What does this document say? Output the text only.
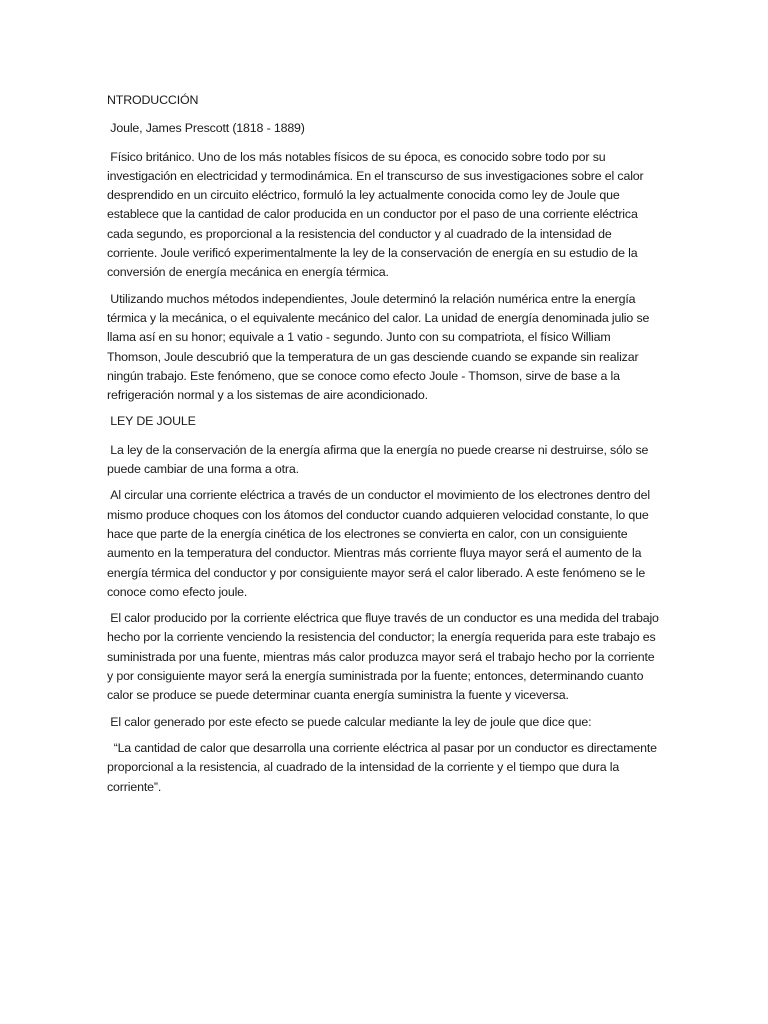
NTRODUCCIÓN

Joule, James Prescott (1818 - 1889)

Físico británico. Uno de los más notables físicos de su época, es conocido sobre todo por su investigación en electricidad y termodinámica. En el transcurso de sus investigaciones sobre el calor desprendido en un circuito eléctrico, formuló la ley actualmente conocida como ley de Joule que establece que la cantidad de calor producida en un conductor por el paso de una corriente eléctrica cada segundo, es proporcional a la resistencia del conductor y al cuadrado de la intensidad de corriente. Joule verificó experimentalmente la ley de la conservación de energía en su estudio de la conversión de energía mecánica en energía térmica.

Utilizando muchos métodos independientes, Joule determinó la relación numérica entre la energía térmica y la mecánica, o el equivalente mecánico del calor. La unidad de energía denominada julio se llama así en su honor; equivale a 1 vatio - segundo. Junto con su compatriota, el físico William Thomson, Joule descubrió que la temperatura de un gas desciende cuando se expande sin realizar ningún trabajo. Este fenómeno, que se conoce como efecto Joule - Thomson, sirve de base a la refrigeración normal y a los sistemas de aire acondicionado.

LEY DE JOULE

La ley de la conservación de la energía afirma que la energía no puede crearse ni destruirse, sólo se puede cambiar de una forma a otra.

Al circular una corriente eléctrica a través de un conductor el movimiento de los electrones dentro del mismo produce choques con los átomos del conductor cuando adquieren velocidad constante, lo que hace que parte de la energía cinética de los electrones se convierta en calor, con un consiguiente aumento en la temperatura del conductor. Mientras más corriente fluya mayor será el aumento de la energía térmica del conductor y por consiguiente mayor será el calor liberado. A este fenómeno se le conoce como efecto joule.

El calor producido por la corriente eléctrica que fluye través de un conductor es una medida del trabajo hecho por la corriente venciendo la resistencia del conductor; la energía requerida para este trabajo es suministrada por una fuente, mientras más calor produzca mayor será el trabajo hecho por la corriente y por consiguiente mayor será la energía suministrada por la fuente; entonces, determinando cuanto calor se produce se puede determinar cuanta energía suministra la fuente y viceversa.

El calor generado por este efecto se puede calcular mediante la ley de joule que dice que:

“La cantidad de calor que desarrolla una corriente eléctrica al pasar por un conductor es directamente proporcional a la resistencia, al cuadrado de la intensidad de la corriente y el tiempo que dura la corriente”.
